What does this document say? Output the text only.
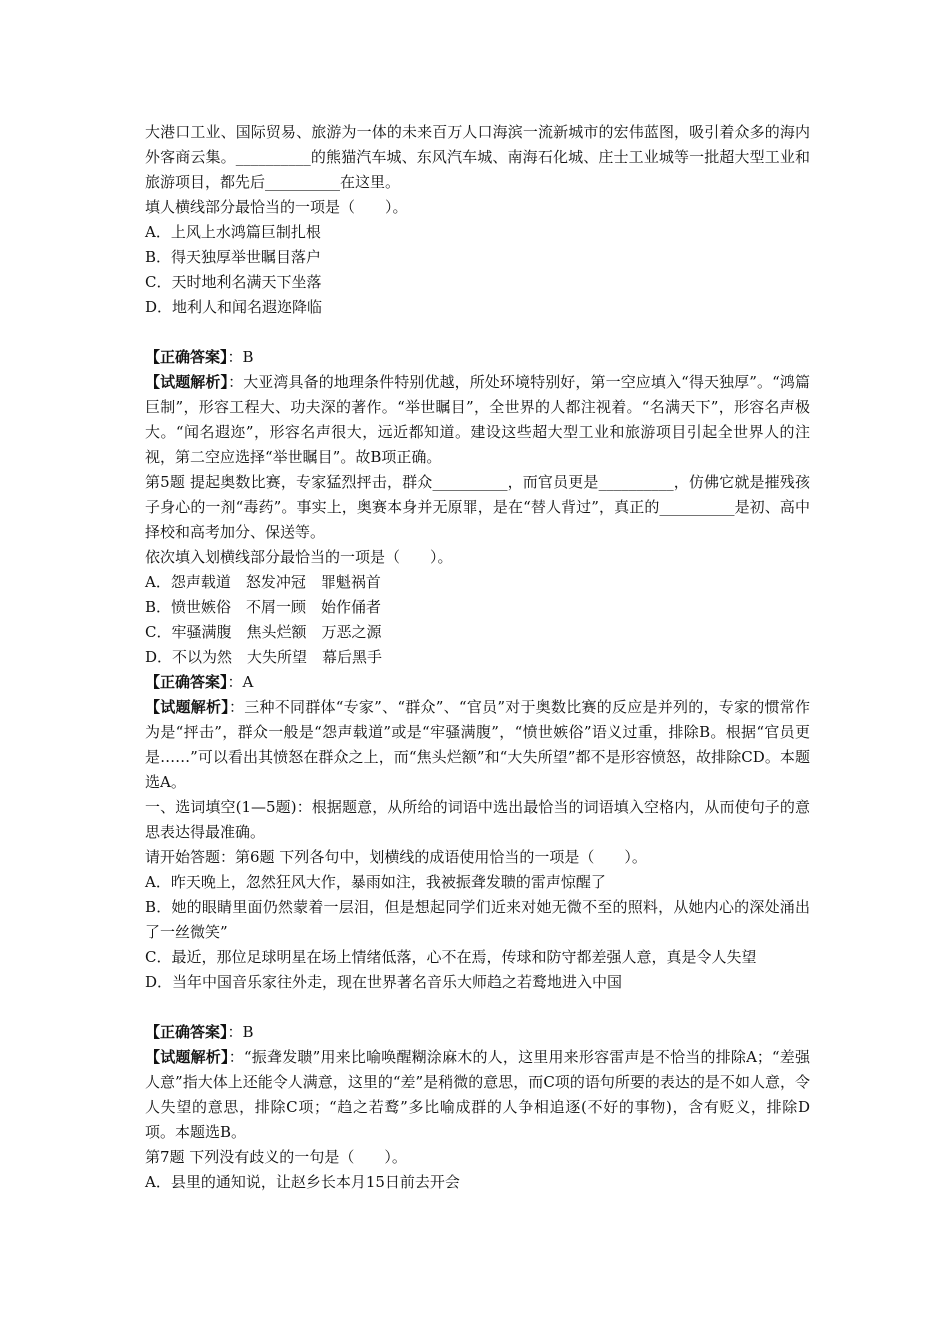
大港口工业、国际贸易、旅游为一体的未来百万人口海滨一流新城市的宏伟蓝图，吸引着众多的海内外客商云集。__________的熊猫汽车城、东风汽车城、南海石化城、庄士工业城等一批超大型工业和旅游项目，都先后__________在这里。

填人横线部分最恰当的一项是（　　）。

A．上风上水鸿篇巨制扎根

B．得天独厚举世瞩目落户

C．天时地利名满天下坐落

D．地利人和闻名遐迩降临

【正确答案】：B

【试题解析】：大亚湾具备的地理条件特别优越，所处环境特别好，第一空应填入“得天独厚”。“鸿篇巨制”，形容工程大、功夫深的著作。“举世瞩目”，全世界的人都注视着。“名满天下”，形容名声极大。“闻名遐迩”，形容名声很大，远近都知道。建设这些超大型工业和旅游项目引起全世界人的注视，第二空应选择“举世瞩目”。故B项正确。

第5题 提起奥数比赛，专家猛烈抨击，群众__________，而官员更是__________，仿佛它就是摧残孩子身心的一剂“毒药”。事实上，奥赛本身并无原罪，是在“替人背过”，真正的__________是初、高中择校和高考加分、保送等。

依次填入划横线部分最恰当的一项是（　　）。

A．怨声载道　怒发冲冠　罪魁祸首

B．愤世嫉俗　不屑一顾　始作俑者

C．牢骚满腹　焦头烂额　万恶之源

D．不以为然　大失所望　幕后黑手

【正确答案】：A

【试题解析】：三种不同群体“专家”、“群众”、“官员”对于奥数比赛的反应是并列的，专家的惯常作为是“抨击”，群众一般是“怨声载道”或是“牢骚满腹”，“愤世嫉俗”语义过重，排除B。根据“官员更是……”可以看出其愤怒在群众之上，而“焦头烂额”和“大失所望”都不是形容愤怒，故排除CD。本题选A。

一、选词填空(1—5题)：根据题意，从所给的词语中选出最恰当的词语填入空格内，从而使句子的意思表达得最准确。

请开始答题：第6题 下列各句中，划横线的成语使用恰当的一项是（　　）。

A．昨天晚上，忽然狂风大作，暴雨如注，我被振聋发聩的雷声惊醒了

B．她的眼睛里面仍然蒙着一层泪，但是想起同学们近来对她无微不至的照料，从她内心的深处涌出了一丝微笑”

C．最近，那位足球明星在场上情绪低落，心不在焉，传球和防守都差强人意，真是令人失望

D．当年中国音乐家往外走，现在世界著名音乐大师趋之若鹜地进入中国

【正确答案】：B

【试题解析】：“振聋发聩”用来比喻唤醒糊涂麻木的人，这里用来形容雷声是不恰当的排除A；“差强人意”指大体上还能令人满意，这里的“差”是稍微的意思，而C项的语句所要的表达的是不如人意，令人失望的意思，排除C项；“趋之若鹜”多比喻成群的人争相追逐(不好的事物)，含有贬义，排除D项。本题选B。

第7题 下列没有歧义的一句是（　　）。

A．县里的通知说，让赵乡长本月15日前去开会
